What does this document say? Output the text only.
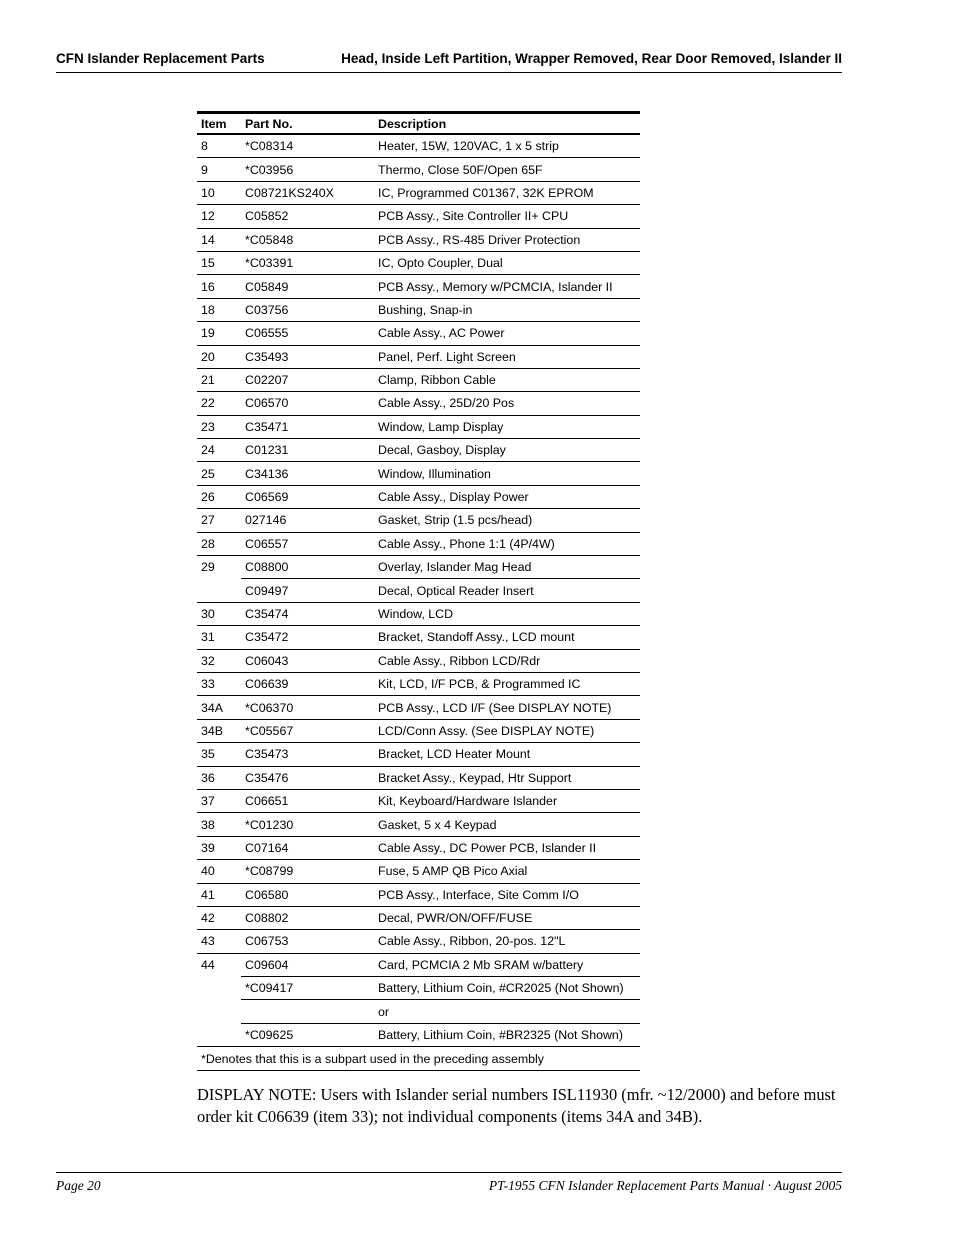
CFN Islander Replacement Parts	Head, Inside Left Partition, Wrapper Removed, Rear Door Removed, Islander II
Item	Part No.	Description
8	*C08314	Heater, 15W, 120VAC, 1 x 5 strip
9	*C03956	Thermo, Close 50F/Open 65F
10	C08721KS240X	IC, Programmed C01367, 32K EPROM
12	C05852	PCB Assy., Site Controller II+ CPU
14	*C05848	PCB Assy., RS-485 Driver Protection
15	*C03391	IC, Opto Coupler, Dual
16	C05849	PCB Assy., Memory w/PCMCIA, Islander II
18	C03756	Bushing, Snap-in
19	C06555	Cable Assy., AC Power
20	C35493	Panel, Perf. Light Screen
21	C02207	Clamp, Ribbon Cable
22	C06570	Cable Assy., 25D/20 Pos
23	C35471	Window, Lamp Display
24	C01231	Decal, Gasboy, Display
25	C34136	Window, Illumination
26	C06569	Cable Assy., Display Power
27	027146	Gasket, Strip (1.5 pcs/head)
28	C06557	Cable Assy., Phone 1:1 (4P/4W)
29	C08800	Overlay, Islander Mag Head
	C09497	Decal, Optical Reader Insert
30	C35474	Window, LCD
31	C35472	Bracket, Standoff Assy., LCD mount
32	C06043	Cable Assy., Ribbon LCD/Rdr
33	C06639	Kit, LCD, I/F PCB, & Programmed IC
34A	*C06370	PCB Assy., LCD I/F (See DISPLAY NOTE)
34B	*C05567	LCD/Conn Assy. (See DISPLAY NOTE)
35	C35473	Bracket, LCD Heater Mount
36	C35476	Bracket Assy., Keypad, Htr Support
37	C06651	Kit, Keyboard/Hardware Islander
38	*C01230	Gasket, 5 x 4 Keypad
39	C07164	Cable Assy., DC Power PCB, Islander II
40	*C08799	Fuse, 5 AMP QB Pico Axial
41	C06580	PCB Assy., Interface, Site Comm I/O
42	C08802	Decal, PWR/ON/OFF/FUSE
43	C06753	Cable Assy., Ribbon, 20-pos. 12"L
44	C09604	Card, PCMCIA 2 Mb SRAM w/battery
	*C09417	Battery, Lithium Coin, #CR2025 (Not Shown)
		or
	*C09625	Battery, Lithium Coin, #BR2325 (Not Shown)
*Denotes that this is a subpart used in the preceding assembly		
DISPLAY NOTE: Users with Islander serial numbers ISL11930 (mfr. ~12/2000) and before must order kit C06639 (item 33); not individual components (items 34A and 34B).
Page 20	PT-1955 CFN Islander Replacement Parts Manual · August 2005
